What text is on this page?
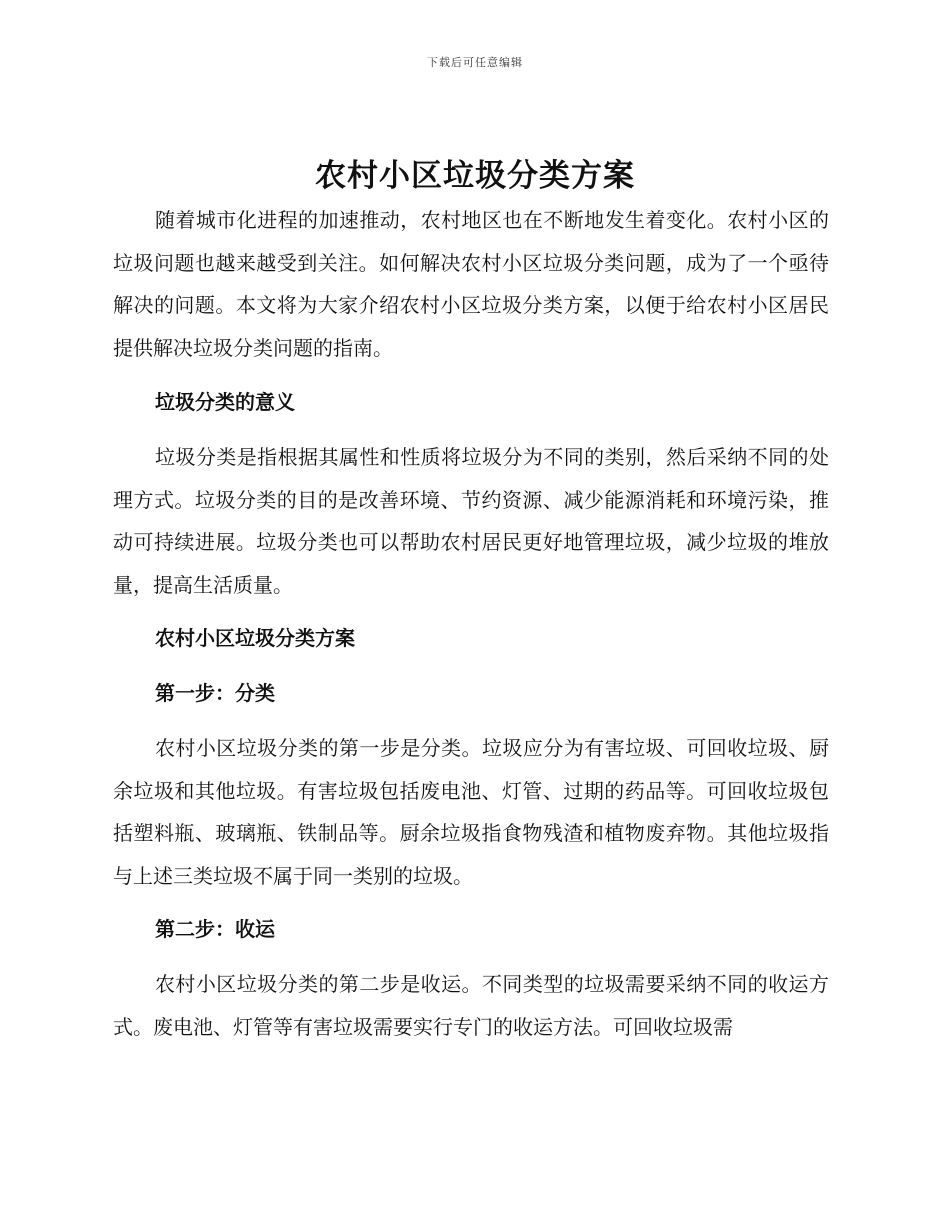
下载后可任意编辑
农村小区垃圾分类方案

随着城市化进程的加速推动，农村地区也在不断地发生着变化。农村小区的垃圾问题也越来越受到关注。如何解决农村小区垃圾分类问题，成为了一个亟待解决的问题。本文将为大家介绍农村小区垃圾分类方案，以便于给农村小区居民提供解决垃圾分类问题的指南。

垃圾分类的意义

垃圾分类是指根据其属性和性质将垃圾分为不同的类别，然后采纳不同的处理方式。垃圾分类的目的是改善环境、节约资源、减少能源消耗和环境污染，推动可持续进展。垃圾分类也可以帮助农村居民更好地管理垃圾，减少垃圾的堆放量，提高生活质量。

农村小区垃圾分类方案
第一步：分类

农村小区垃圾分类的第一步是分类。垃圾应分为有害垃圾、可回收垃圾、厨余垃圾和其他垃圾。有害垃圾包括废电池、灯管、过期的药品等。可回收垃圾包括塑料瓶、玻璃瓶、铁制品等。厨余垃圾指食物残渣和植物废弃物。其他垃圾指与上述三类垃圾不属于同一类别的垃圾。

第二步：收运

农村小区垃圾分类的第二步是收运。不同类型的垃圾需要采纳不同的收运方式。废电池、灯管等有害垃圾需要实行专门的收运方法。可回收垃圾需
